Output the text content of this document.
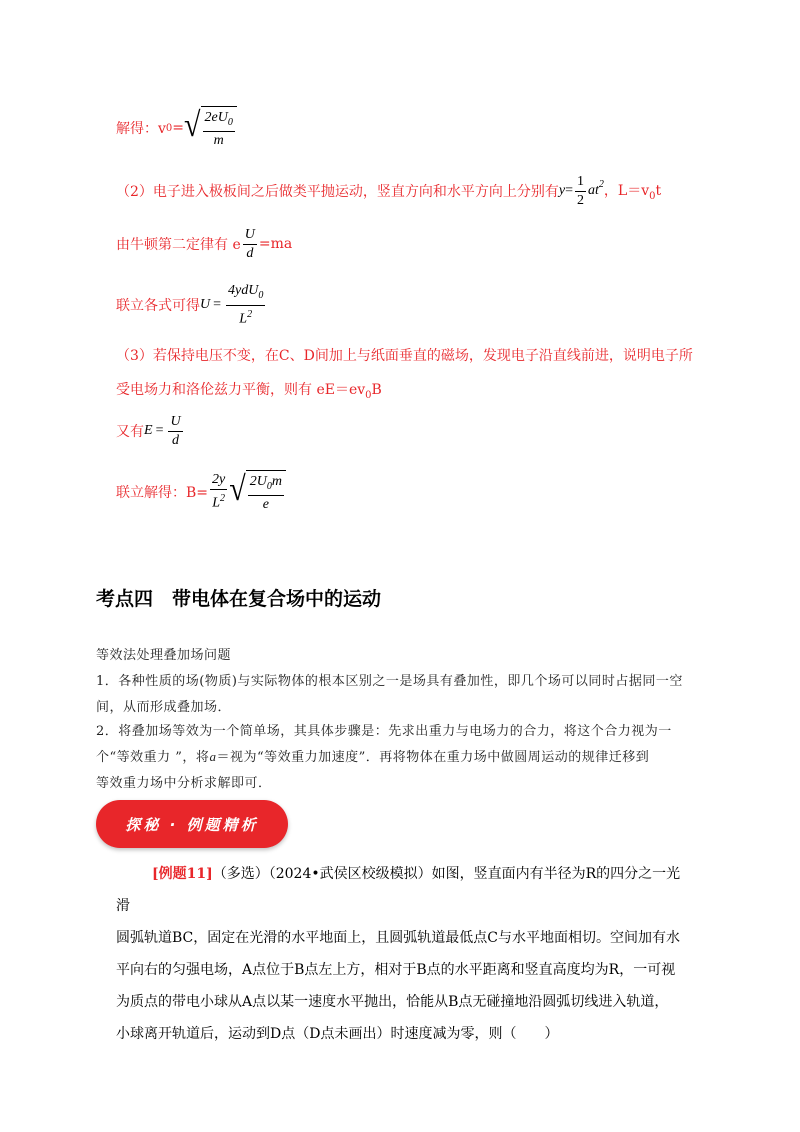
解得：v 0 = √ $\frac{2eU_0}{m}$
（2）电子进入极板间之后做类平抛运动，竖直方向和水平方向上分别有 $y = \frac{1}{2} at^2$ ，$L=v_0t$
由牛顿第二定律有 e $\frac{U}{d} =ma$
联立各式可得 $U = \frac{4ydU_0}{L^2}$
（3）若保持电压不变，在C、D间加上与纸面垂直的磁场，发现电子沿直线前进，说明电子所
受电场力和洛伦兹力平衡，则有 $eE=ev_0B$
又有 $E = \frac{U}{d}$
联立解得：$B= \frac{2y}{L^2}$ √ $\frac{2U_0m}{e}$
考点四　带电体在复合场中的运动
等效法处理叠加场问题
1．各种性质的场(物质)与实际物体的根本区别之一是场具有叠加性，即几个场可以同时占据同一空
间，从而形成叠加场．
2．将叠加场等效为一个简单场，其具体步骤是：先求出重力与电场力的合力，将这个合力视为一
个“等效重力 ”，将a＝视为“等效重力加速度”．再将物体在重力场中做圆周运动的规律迁移到
等效重力场中分析求解即可．
探秘 · 例题精析
[例题11]（多选）（2024•武侯区校级模拟）如图，竖直面内有半径为R的四分之一光滑
圆弧轨道BC，固定在光滑的水平地面上，且圆弧轨道最低点C与水平地面相切。空间加有水
平向右的匀强电场，A点位于B点左上方，相对于B点的水平距离和竖直高度均为R，一可视
为质点的带电小球从A点以某一速度水平抛出，恰能从B点无碰撞地沿圆弧切线进入轨道，
小球离开轨道后，运动到D点（D点未画出）时速度减为零，则（　　）
